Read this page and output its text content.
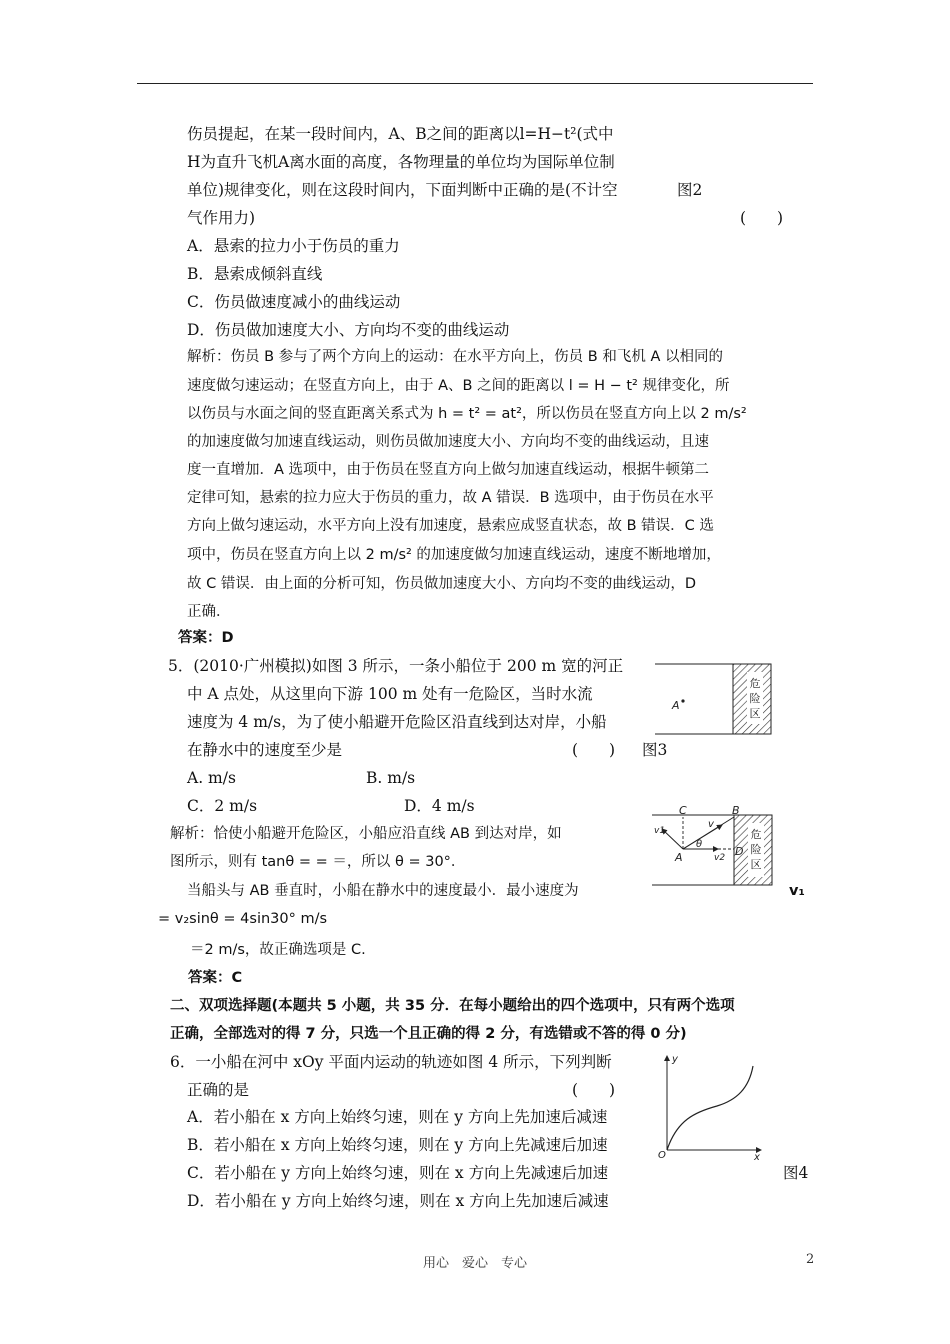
伤员提起，在某一段时间内，A、B之间的距离以l=H−t²(式中
H为直升飞机A离水面的高度，各物理量的单位均为国际单位制
单位)规律变化，则在这段时间内，下面判断中正确的是(不计空	图2
气作用力)	(　　)
A．悬索的拉力小于伤员的重力
B．悬索成倾斜直线
C．伤员做速度减小的曲线运动
D．伤员做加速度大小、方向均不变的曲线运动
解析：伤员 B 参与了两个方向上的运动：在水平方向上，伤员 B 和飞机 A 以相同的
速度做匀速运动；在竖直方向上，由于 A、B 之间的距离以 l = H − t² 规律变化，所
以伤员与水面之间的竖直距离关系式为 h = t² = at²，所以伤员在竖直方向上以 2 m/s²
的加速度做匀加速直线运动，则伤员做加速度大小、方向均不变的曲线运动，且速
度一直增加．A 选项中，由于伤员在竖直方向上做匀加速直线运动，根据牛顿第二
定律可知，悬索的拉力应大于伤员的重力，故 A 错误．B 选项中，由于伤员在水平
方向上做匀速运动，水平方向上没有加速度，悬索应成竖直状态，故 B 错误．C 选
项中，伤员在竖直方向上以 2 m/s² 的加速度做匀加速直线运动，速度不断地增加，
故 C 错误．由上面的分析可知，伤员做加速度大小、方向均不变的曲线运动，D
正确．
答案：D
5．(2010·广州模拟)如图 3 所示，一条小船位于 200 m 宽的河正
中 A 点处，从这里向下游 100 m 处有一危险区，当时水流
速度为 4 m/s，为了使小船避开危险区沿直线到达对岸，小船
在静水中的速度至少是	(　　) 图3
A. m/s	B. m/s
C．2 m/s	D．4 m/s
解析：恰使小船避开危险区，小船应沿直线 AB 到达对岸，如
图所示，则有 tanθ = = ＝，所以 θ = 30°．
当船头与 AB 垂直时，小船在静水中的速度最小．最小速度为	v₁
= v₂sinθ = 4sin30° m/s
＝2 m/s，故正确选项是 C.
答案：C
二、双项选择题(本题共 5 小题，共 35 分．在每小题给出的四个选项中，只有两个选项
正确，全部选对的得 7 分，只选一个且正确的得 2 分，有选错或不答的得 0 分)
6．一小船在河中 xOy 平面内运动的轨迹如图 4 所示，下列判断
正确的是	(　　)
A．若小船在 x 方向上始终匀速，则在 y 方向上先加速后减速
B．若小船在 x 方向上始终匀速，则在 y 方向上先减速后加速
C．若小船在 y 方向上始终匀速，则在 x 方向上先减速后加速	图4
D．若小船在 y 方向上始终匀速，则在 x 方向上先加速后减速
危
险
区
A
危
险
区
C	B
A	D
v1
v2
v
θ
y
x
O
用心　爱心　专心	2
